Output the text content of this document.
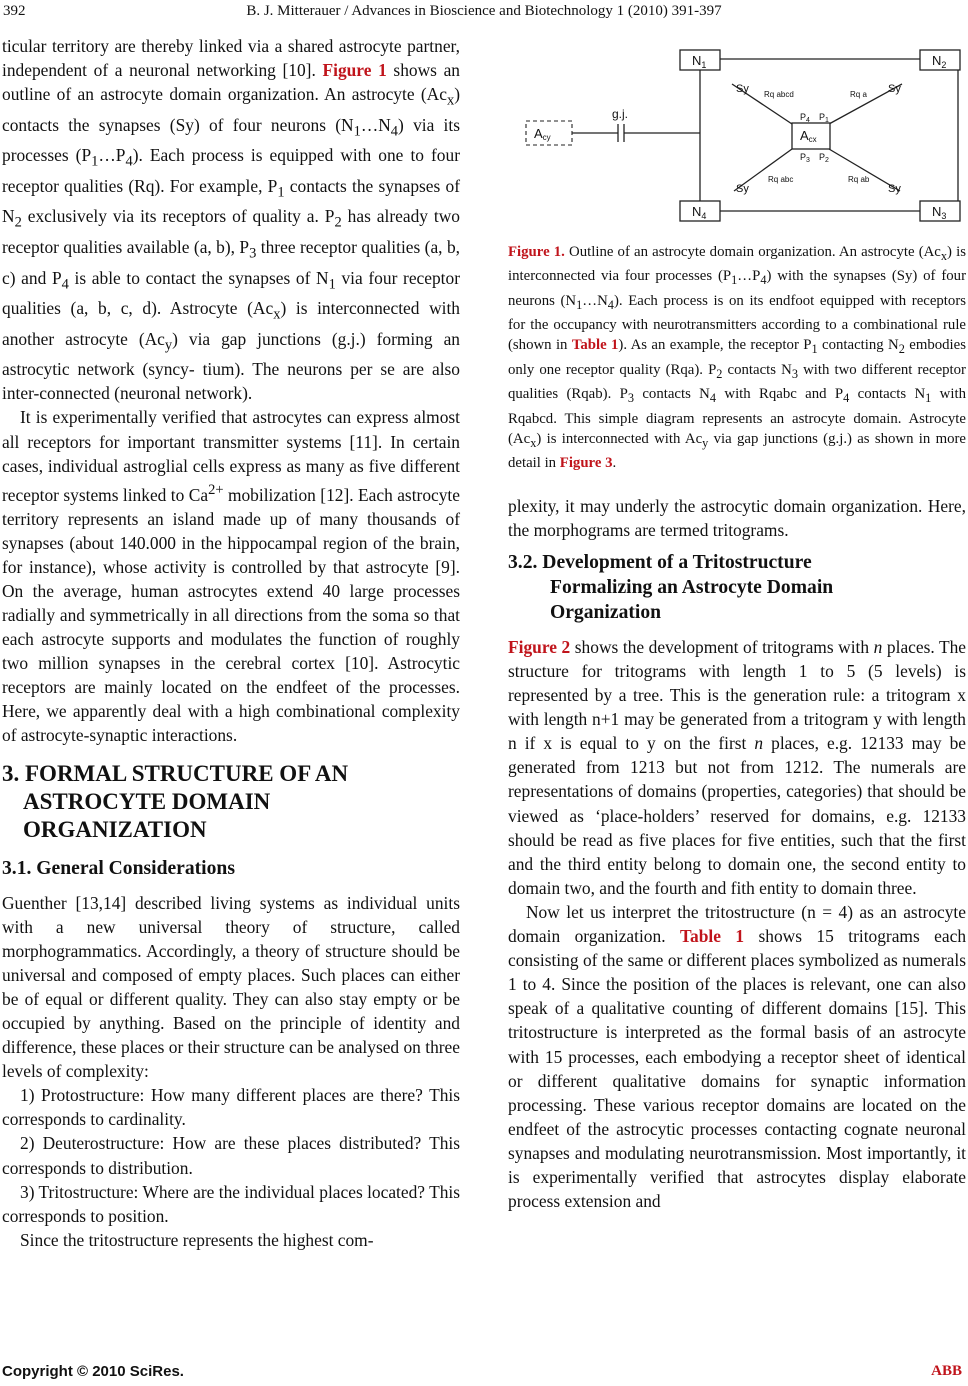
392	B. J. Mitterauer / Advances in Bioscience and Biotechnology 1 (2010) 391-397

ticular territory are thereby linked via a shared astrocyte partner, independent of a neuronal networking [10]. Figure 1 shows an outline of an astrocyte domain organization. An astrocyte $(Ac_x)$ contacts the synapses (Sy) of four neurons $(N_1\dots N_4)$ via its processes $(P_1\dots P_4)$. Each process is equipped with one to four receptor qualities (Rq). For example, $P_1$ contacts the synapses of $N_2$ exclusively via its receptors of quality a. $P_2$ has already two receptor qualities available (a, b), $P_3$ three receptor qualities (a, b, c) and $P_4$ is able to contact the synapses of $N_1$ via four receptor qualities (a, b, c, d). Astrocyte $(Ac_x)$ is interconnected with another astrocyte $(Ac_y)$ via gap junctions (g.j.) forming an astrocytic network (syncy- tium). The neurons per se are also inter-connected (neuronal network).

It is experimentally verified that astrocytes can express almost all receptors for important transmitter systems [11]. In certain cases, individual astroglial cells express as many as five different receptor systems linked to $Ca^{2+}$ mobilization [12]. Each astrocyte territory represents an island made up of many thousands of synapses (about 140.000 in the hippocampal region of the brain, for instance), whose activity is controlled by that astrocyte [9]. On the average, human astrocytes extend 40 large processes radially and symmetrically in all directions from the soma so that each astrocyte supports and modulates the function of roughly two million synapses in the cerebral cortex [10]. Astrocytic receptors are mainly located on the endfeet of the processes. Here, we apparently deal with a high combinational complexity of astrocyte-synaptic interactions.

3. FORMAL STRUCTURE OF AN
ASTROCYTE DOMAIN
ORGANIZATION
3.1. General Considerations

Guenther [13,14] described living systems as individual units with a new universal theory of structure, called morphogrammatics. Accordingly, a theory of structure should be universal and composed of empty places. Such places can either be of equal or different quality. They can also stay empty or be occupied by anything. Based on the principle of identity and difference, these places or their structure can be analysed on three levels of complexity:

1) Protostructure: How many different places are there? This corresponds to cardinality.

2) Deuterostructure: How are these places distributed? This corresponds to distribution.

3) Tritostructure: Where are the individual places located? This corresponds to position.

Since the tritostructure represents the highest com-

$N_1$	$N_2$
$N_3$
$N_4$
Sy	Sy
Sy	Sy
Rq abcd	Rq a
Rq abc	Rq ab
$P_4$ $P_1$
$P_3$ $P_2$
Acx
Acy
g.j.

Figure 1. Outline of an astrocyte domain organization. An astrocyte $(Ac_x)$ is interconnected via four processes $(P_1\dots P_4)$ with the synapses (Sy) of four neurons $(N_1\dots N_4)$. Each process is on its endfoot equipped with receptors for the occupancy with neurotransmitters according to a combinational rule (shown in Table 1). As an example, the receptor $P_1$ contacting $N_2$ embodies only one receptor quality (Rqa). $P_2$ contacts $N_3$ with two different receptor qualities (Rqab). $P_3$ contacts $N_4$ with Rqabc and $P_4$ contacts $N_1$ with Rqabcd. This simple diagram represents an astrocyte domain. Astrocyte $(Ac_x)$ is interconnected with $Ac_y$ via gap junctions (g.j.) as shown in more detail in Figure 3.

plexity, it may underly the astrocytic domain organization. Here, the morphograms are termed tritograms.

3.2. Development of a Tritostructure
Formalizing an Astrocyte Domain
Organization

Figure 2 shows the development of tritograms with n places. The structure for tritograms with length 1 to 5 (5 levels) is represented by a tree. This is the generation rule: a tritogram x with length n+1 may be generated from a tritogram y with length n if x is equal to y on the first n places, e.g. 12133 may be generated from 1213 but not from 1212. The numerals are representations of domains (properties, categories) that should be viewed as ‘place-holders’ reserved for domains, e.g. 12133 should be read as five places for five entities, such that the first and the third entity belong to domain one, the second entity to domain two, and the fourth and fith entity to domain three.

Now let us interpret the tritostructure (n = 4) as an astrocyte domain organization. Table 1 shows 15 tritograms each consisting of the same or different places symbolized as numerals 1 to 4. Since the position of the places is relevant, one can also speak of a qualitative counting of different domains [15]. This tritostructure is interpreted as the formal basis of an astrocyte with 15 processes, each embodying a receptor sheet of identical or different qualitative domains for synaptic information processing. These various receptor domains are located on the endfeet of the astrocytic processes contacting cognate neuronal synapses and modulating neurotransmission. Most importantly, it is experimentally verified that astrocytes display elaborate process extension and

Copyright © 2010 SciRes.	ABB
